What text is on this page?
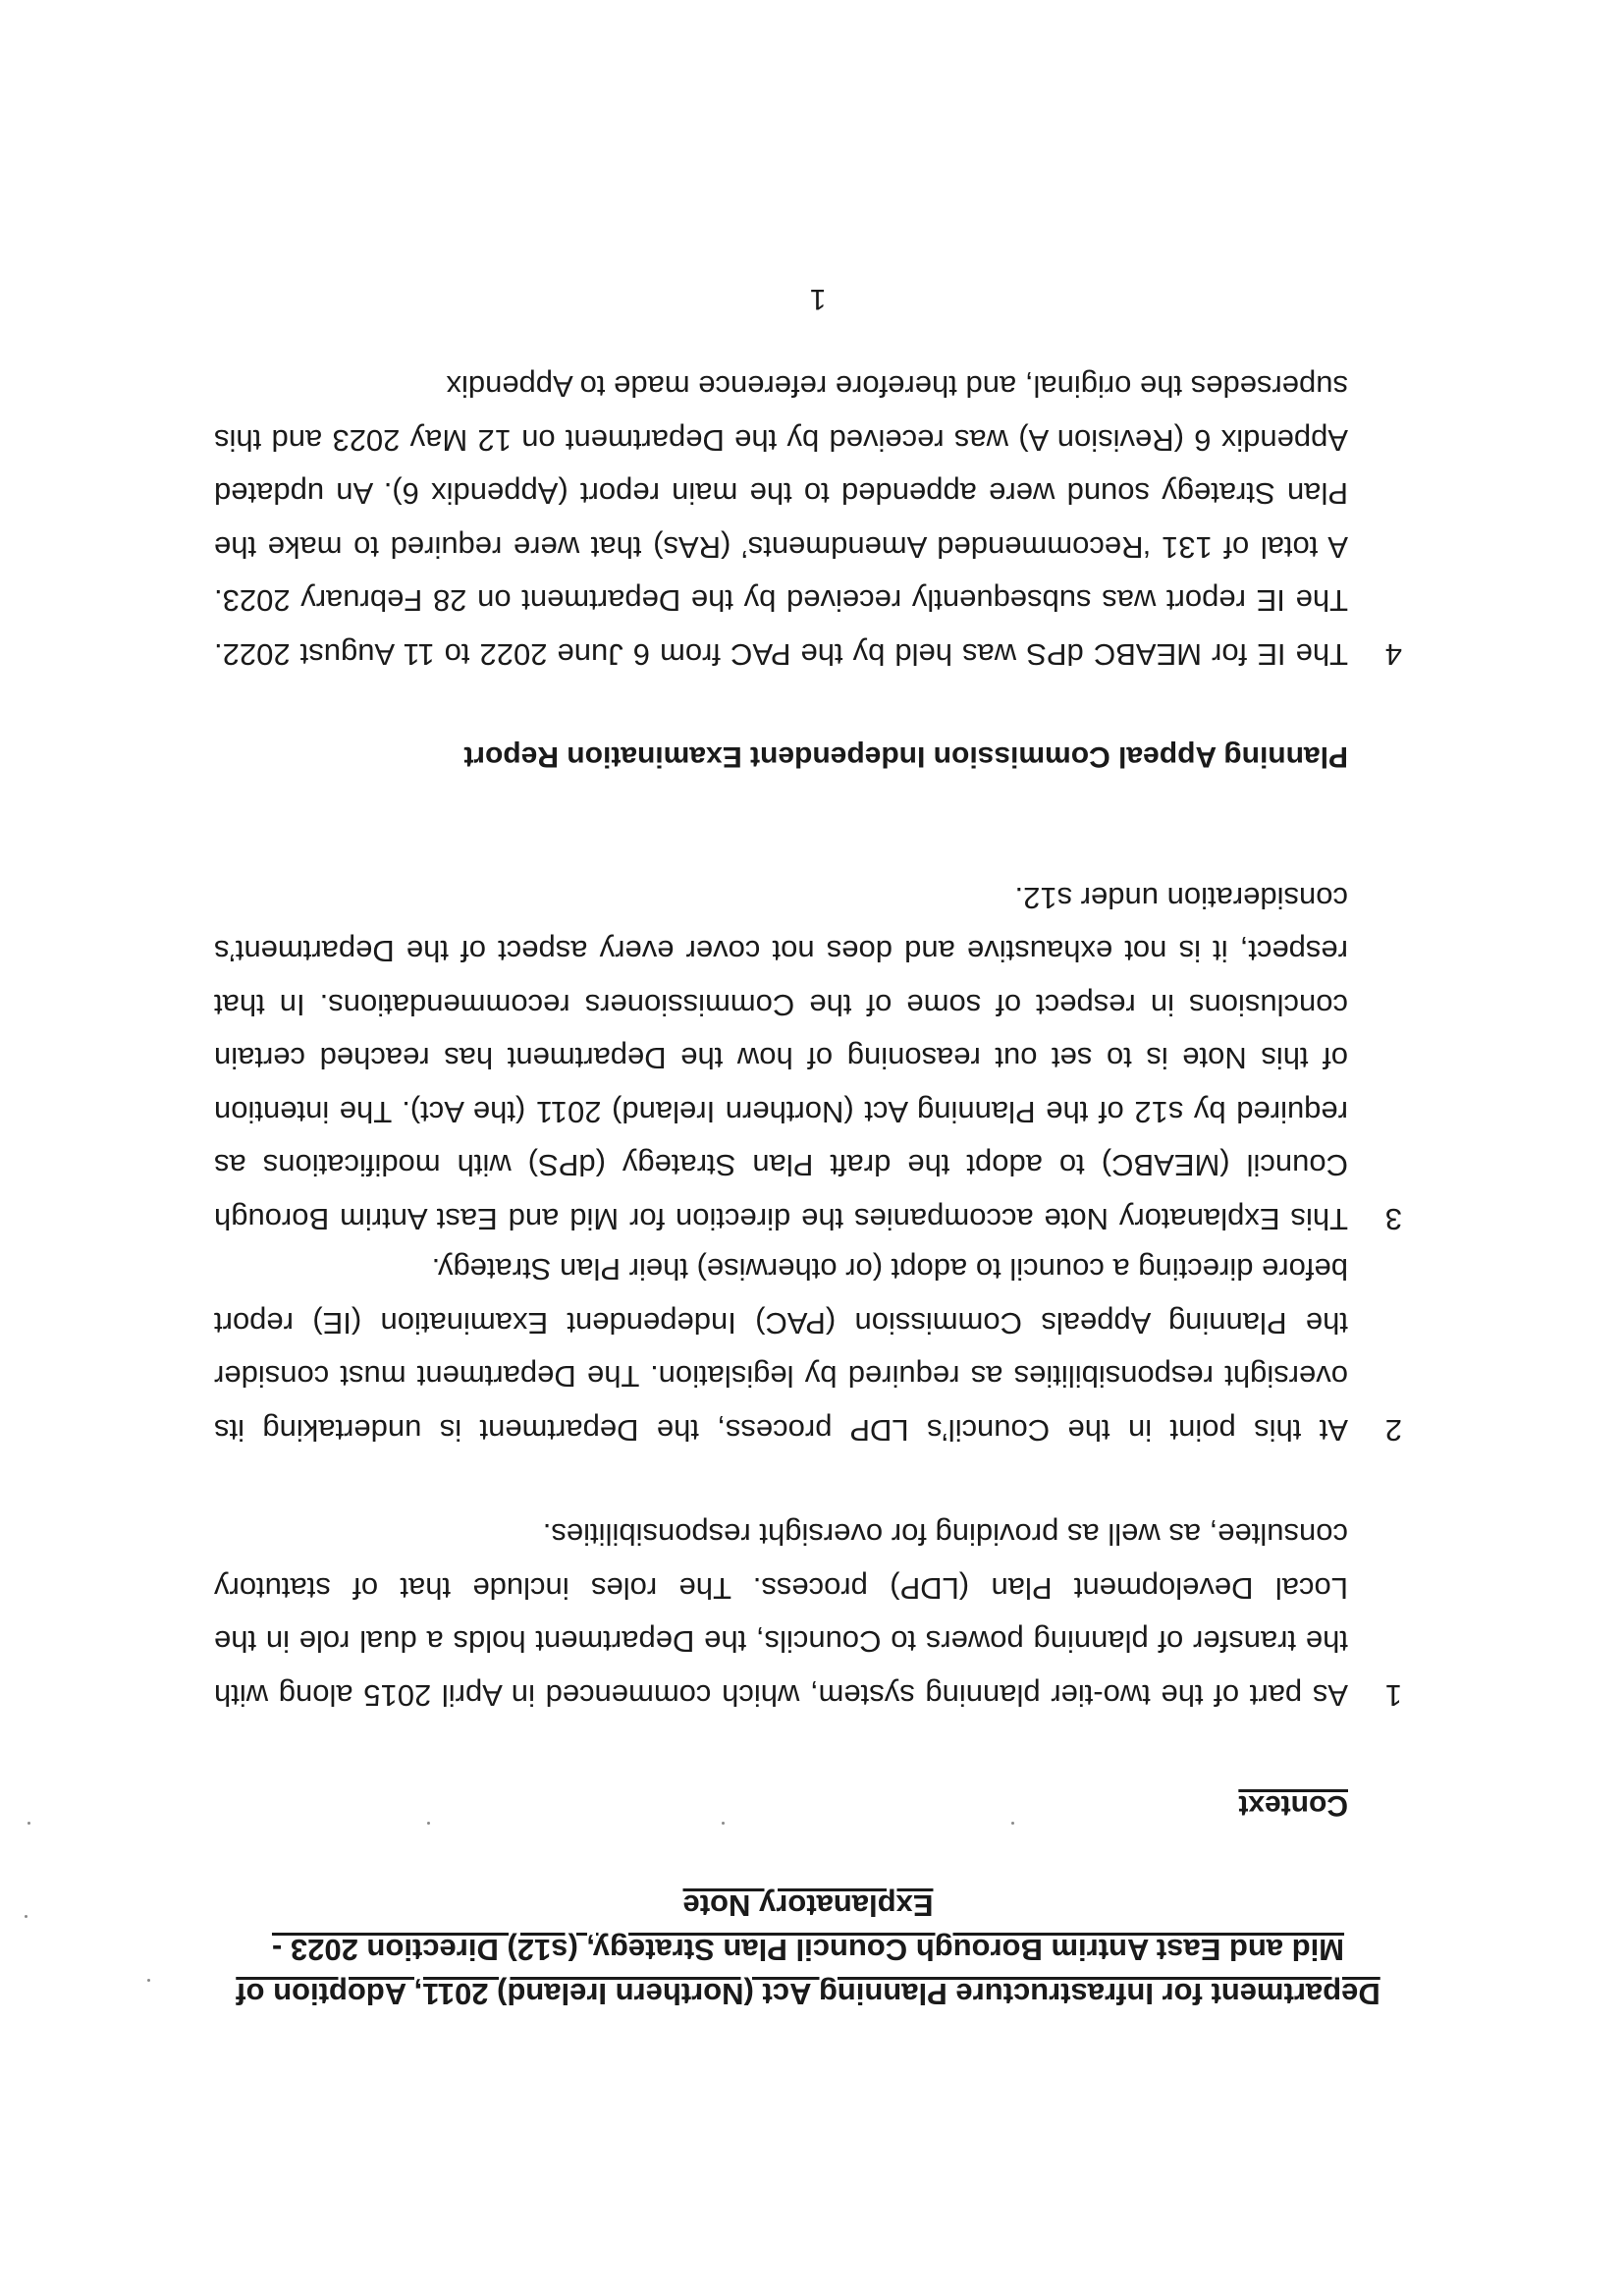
Department for Infrastructure Planning Act (Northern Ireland) 2011, Adoption of
Mid and East Antrim Borough Council Plan Strategy, (s12) Direction 2023 -
Explanatory Note
Context
1
As part of the two-tier planning system, which commenced in April 2015 along with the transfer of planning powers to Councils, the Department holds a dual role in the Local Development Plan (LDP) process. The roles include that of statutory consultee, as well as providing for oversight responsibilities.
2
At this point in the Council’s LDP process, the Department is undertaking its oversight responsibilities as required by legislation. The Department must consider the Planning Appeals Commission (PAC) Independent Examination (IE) report before directing a council to adopt (or otherwise) their Plan Strategy.
3
This Explanatory Note accompanies the direction for Mid and East Antrim Borough Council (MEABC) to adopt the draft Plan Strategy (dPS) with modifications as required by s12 of the Planning Act (Northern Ireland) 2011 (the Act). The intention of this Note is to set out reasoning of how the Department has reached certain conclusions in respect of some of the Commissioners recommendations. In that respect, it is not exhaustive and does not cover every aspect of the Department’s consideration under s12.
Planning Appeal Commission Independent Examination Report
4
The IE for MEABC dPS was held by the PAC from 6 June 2022 to 11 August 2022. The IE report was subsequently received by the Department on 28 February 2023. A total of 131 ‘Recommended Amendments’ (RAs) that were required to make the Plan Strategy sound were appended to the main report (Appendix 6). An updated Appendix 6 (Revision A) was received by the Department on 12 May 2023 and this supersedes the original, and therefore reference made to Appendix
1
